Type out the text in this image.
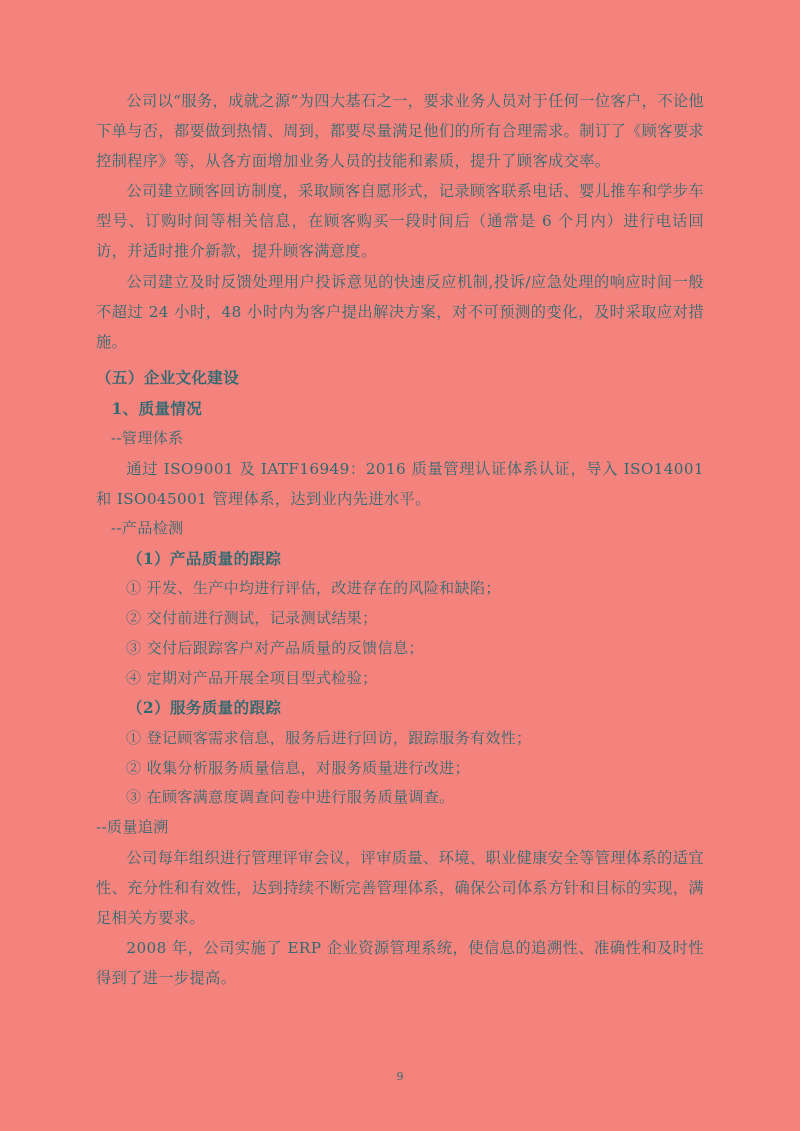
公司以“服务，成就之源”为四大基石之一，要求业务人员对于任何一位客户，不论他下单与否，都要做到热情、周到，都要尽量满足他们的所有合理需求。制订了《顾客要求控制程序》等，从各方面增加业务人员的技能和素质，提升了顾客成交率。

公司建立顾客回访制度，采取顾客自愿形式，记录顾客联系电话、婴儿推车和学步车型号、订购时间等相关信息，在顾客购买一段时间后（通常是 6 个月内）进行电话回访，并适时推介新款，提升顾客满意度。

公司建立及时反馈处理用户投诉意见的快速反应机制,投诉/应急处理的响应时间一般不超过 24 小时，48 小时内为客户提出解决方案，对不可预测的变化，及时采取应对措施。

（五）企业文化建设

1、质量情况

--管理体系

通过 ISO9001 及 IATF16949：2016 质量管理认证体系认证，导入 ISO14001 和 ISO045001 管理体系，达到业内先进水平。

--产品检测

（1）产品质量的跟踪

① 开发、生产中均进行评估，改进存在的风险和缺陷；

② 交付前进行测试，记录测试结果；

③ 交付后跟踪客户对产品质量的反馈信息；

④ 定期对产品开展全项目型式检验；

（2）服务质量的跟踪

① 登记顾客需求信息，服务后进行回访，跟踪服务有效性；

② 收集分析服务质量信息，对服务质量进行改进；

③ 在顾客满意度调查问卷中进行服务质量调查。

--质量追溯

公司每年组织进行管理评审会议，评审质量、环境、职业健康安全等管理体系的适宜性、充分性和有效性，达到持续不断完善管理体系，确保公司体系方针和目标的实现，满足相关方要求。

2008 年，公司实施了 ERP 企业资源管理系统，使信息的追溯性、准确性和及时性得到了进一步提高。

9
